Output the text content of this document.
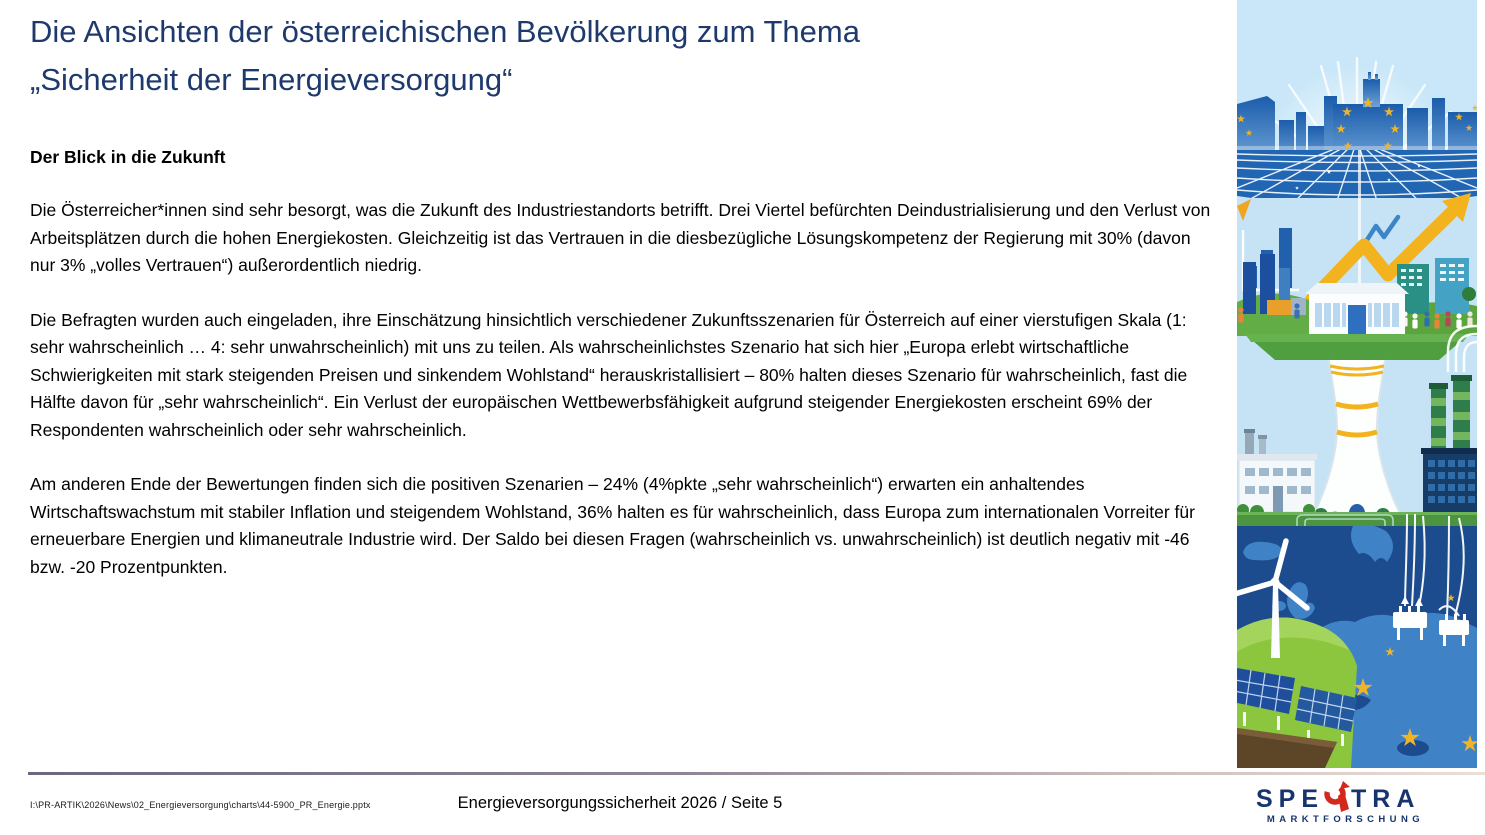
Die Ansichten der österreichischen Bevölkerung zum Thema
„Sicherheit der Energieversorgung“
Der Blick in die Zukunft

Die Österreicher*innen sind sehr besorgt, was die Zukunft des Industriestandorts betrifft. Drei Viertel befürchten Deindustrialisierung und den Verlust von Arbeitsplätzen durch die hohen Energiekosten. Gleichzeitig ist das Vertrauen in die diesbezügliche Lösungskompetenz der Regierung mit 30% (davon nur 3% „volles Vertrauen“) außerordentlich niedrig.

Die Befragten wurden auch eingeladen, ihre Einschätzung hinsichtlich verschiedener Zukunftsszenarien für Österreich auf einer vierstufigen Skala (1: sehr wahrscheinlich … 4: sehr unwahrscheinlich) mit uns zu teilen. Als wahrscheinlichstes Szenario hat sich hier „Europa erlebt wirtschaftliche Schwierigkeiten mit stark steigenden Preisen und sinkendem Wohlstand“ herauskristallisiert – 80% halten dieses Szenario für wahrscheinlich, fast die Hälfte davon für „sehr wahrscheinlich“. Ein Verlust der europäischen Wettbewerbsfähigkeit aufgrund steigender Energiekosten erscheint 69% der Respondenten wahrscheinlich oder sehr wahrscheinlich.

Am anderen Ende der Bewertungen finden sich die positiven Szenarien – 24% (4%pkte „sehr wahrscheinlich“) erwarten ein anhaltendes Wirtschaftswachstum mit stabiler Inflation und steigendem Wohlstand, 36% halten es für wahrscheinlich, dass Europa zum internationalen Vorreiter für erneuerbare Energien und klimaneutrale Industrie wird. Der Saldo bei diesen Fragen (wahrscheinlich vs. unwahrscheinlich) ist deutlich negativ mit -46 bzw. -20 Prozentpunkten.

I:\PR-ARTIK\2026\News\02_Energieversorgung\charts\44-5900_PR_Energie.pptx	Energieversorgungssicherheit 2026 / Seite 5	SPE TRA
MARKTFORSCHUNG
